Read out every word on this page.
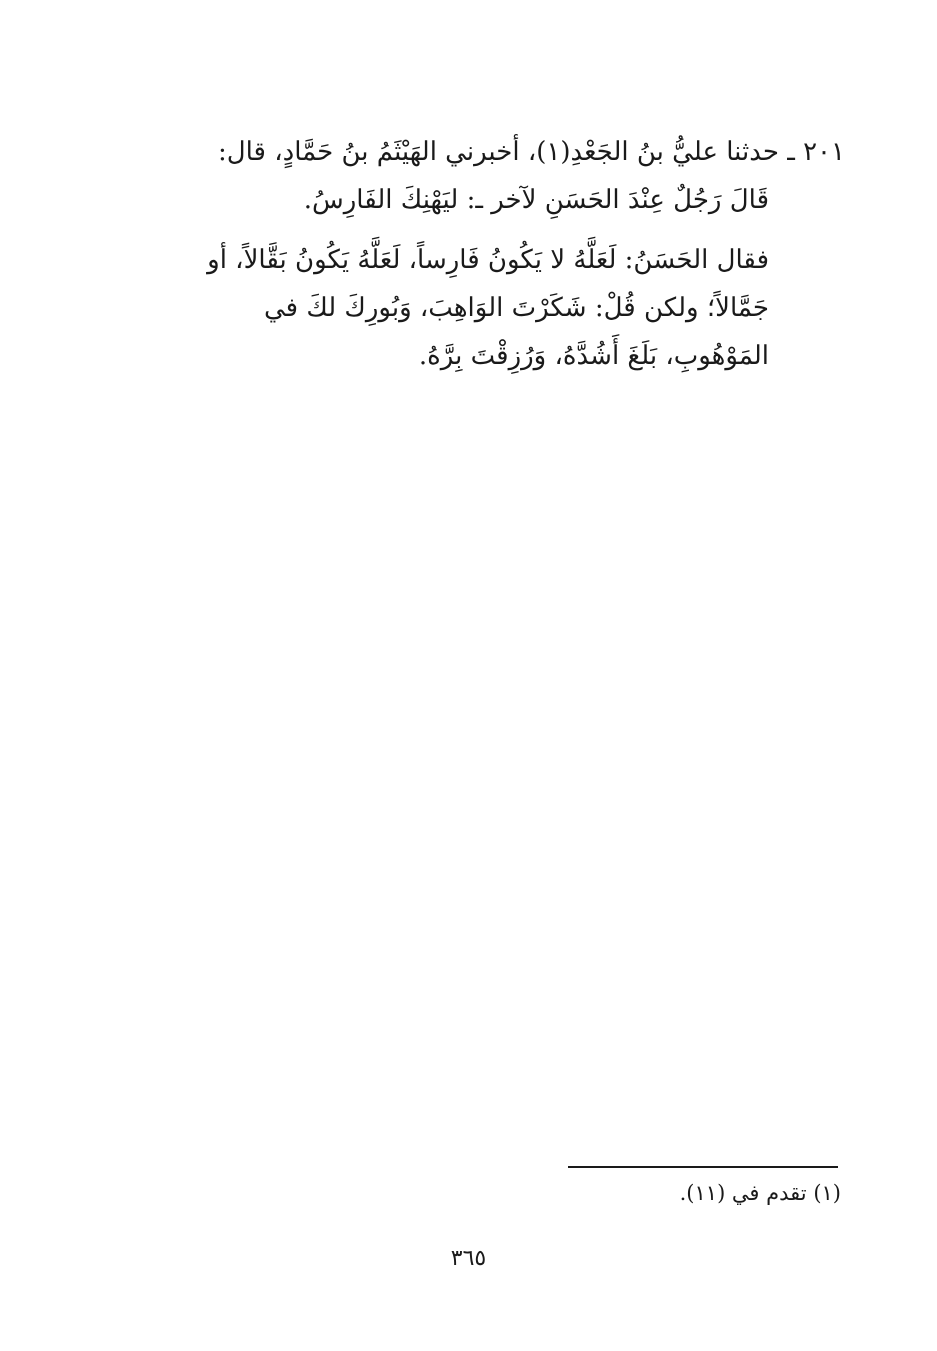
٢٠١ ـ حدثنا عليُّ بنُ الجَعْدِ(١)، أخبرني الهَيْثَمُ بنُ حَمَّادٍ، قال:
قَالَ رَجُلٌ عِنْدَ الحَسَنِ لآخر ـ: ليَهْنِكَ الفَارِسُ.
فقال الحَسَنُ: لَعَلَّهُ لا يَكُونُ فَارِساً، لَعَلَّهُ يَكُونُ بَقَّالاً، أو
جَمَّالاً؛ ولكن قُلْ: شَكَرْتَ الوَاهِبَ، وَبُورِكَ لكَ في
المَوْهُوبِ، بَلَغَ أَشُدَّهُ، وَرُزِقْتَ بِرَّهُ.
(١) تقدم في (١١).
٣٦٥
